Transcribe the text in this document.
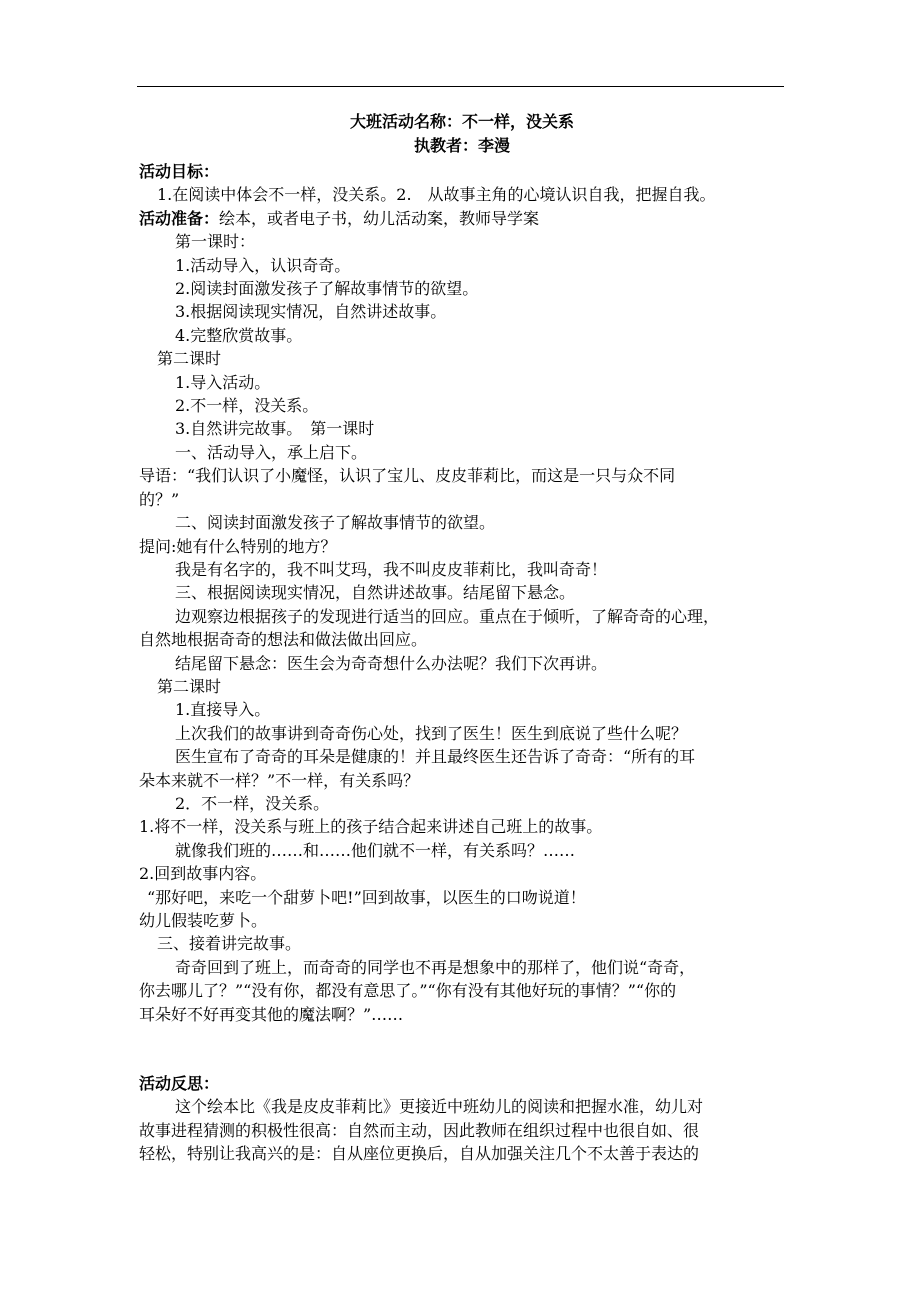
大班活动名称：不一样，没关系

执教者：李漫

活动目标：

1.在阅读中体会不一样，没关系。2.　从故事主角的心境认识自我，把握自我。

活动准备：绘本，或者电子书，幼儿活动案，教师导学案

第一课时：

1.活动导入，认识奇奇。

2.阅读封面激发孩子了解故事情节的欲望。

3.根据阅读现实情况，自然讲述故事。

4.完整欣赏故事。

第二课时

1.导入活动。

2.不一样，没关系。

3.自然讲完故事。　第一课时

一、活动导入，承上启下。

导语：“我们认识了小魔怪，认识了宝儿、皮皮菲莉比，而这是一只与众不同

的？”

二、阅读封面激发孩子了解故事情节的欲望。

提问:她有什么特别的地方？

我是有名字的，我不叫艾玛，我不叫皮皮菲莉比，我叫奇奇！

三、根据阅读现实情况，自然讲述故事。结尾留下悬念。

边观察边根据孩子的发现进行适当的回应。重点在于倾听，了解奇奇的心理，

自然地根据奇奇的想法和做法做出回应。

结尾留下悬念：医生会为奇奇想什么办法呢？我们下次再讲。

第二课时

1.直接导入。

上次我们的故事讲到奇奇伤心处，找到了医生！医生到底说了些什么呢？

医生宣布了奇奇的耳朵是健康的！并且最终医生还告诉了奇奇：“所有的耳

朵本来就不一样？”不一样，有关系吗？

2．不一样，没关系。

1.将不一样，没关系与班上的孩子结合起来讲述自己班上的故事。

就像我们班的……和……他们就不一样，有关系吗？……

2.回到故事内容。

“那好吧，来吃一个甜萝卜吧!”回到故事，以医生的口吻说道！

幼儿假装吃萝卜。

三、接着讲完故事。

奇奇回到了班上，而奇奇的同学也不再是想象中的那样了，他们说“奇奇，

你去哪儿了？”“没有你，都没有意思了。”“你有没有其他好玩的事情？”“你的

耳朵好不好再变其他的魔法啊？”……

活动反思：

这个绘本比《我是皮皮菲莉比》更接近中班幼儿的阅读和把握水准，幼儿对

故事进程猜测的积极性很高：自然而主动，因此教师在组织过程中也很自如、很

轻松，特别让我高兴的是：自从座位更换后，自从加强关注几个不太善于表达的
